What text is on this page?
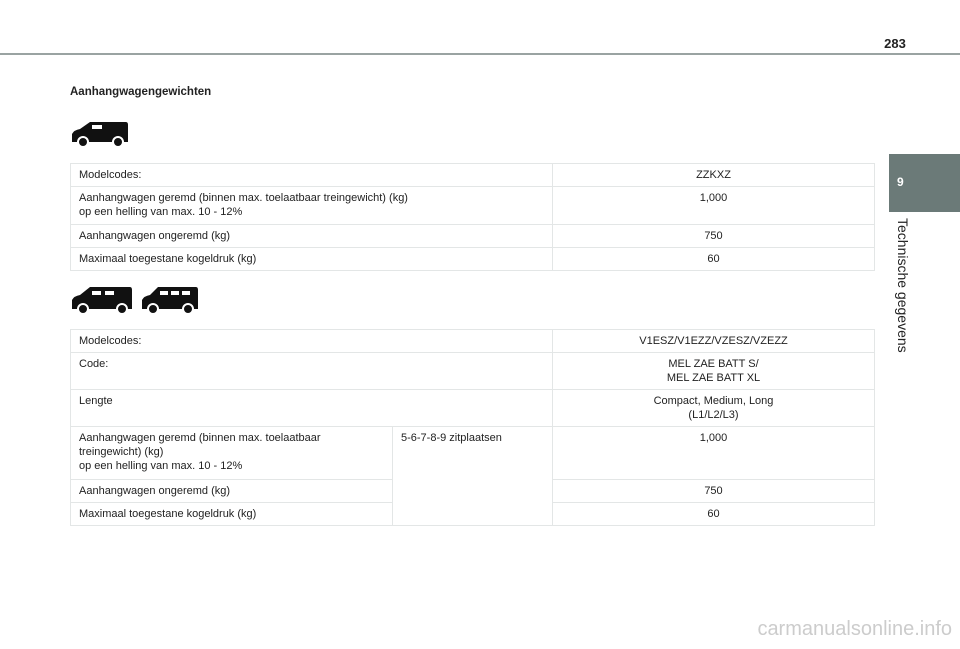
283
Aanhangwagengewichten
9
Technische gegevens
Modelcodes:	ZZKXZ
Aanhangwagen geremd (binnen max. toelaatbaar treingewicht) (kg)
op een helling van max. 10 - 12%	1,000
Aanhangwagen ongeremd (kg)	750
Maximaal toegestane kogeldruk (kg)	60
Modelcodes:		V1ESZ/V1EZZ/VZESZ/VZEZZ
Code:		MEL ZAE BATT S/
MEL ZAE BATT XL
Lengte		Compact, Medium, Long
(L1/L2/L3)
Aanhangwagen geremd (binnen max. toelaatbaar treingewicht) (kg)
op een helling van max. 10 - 12%	5-6-7-8-9 zitplaatsen	1,000
Aanhangwagen ongeremd (kg)		750
Maximaal toegestane kogeldruk (kg)		60
carmanualsonline.info
